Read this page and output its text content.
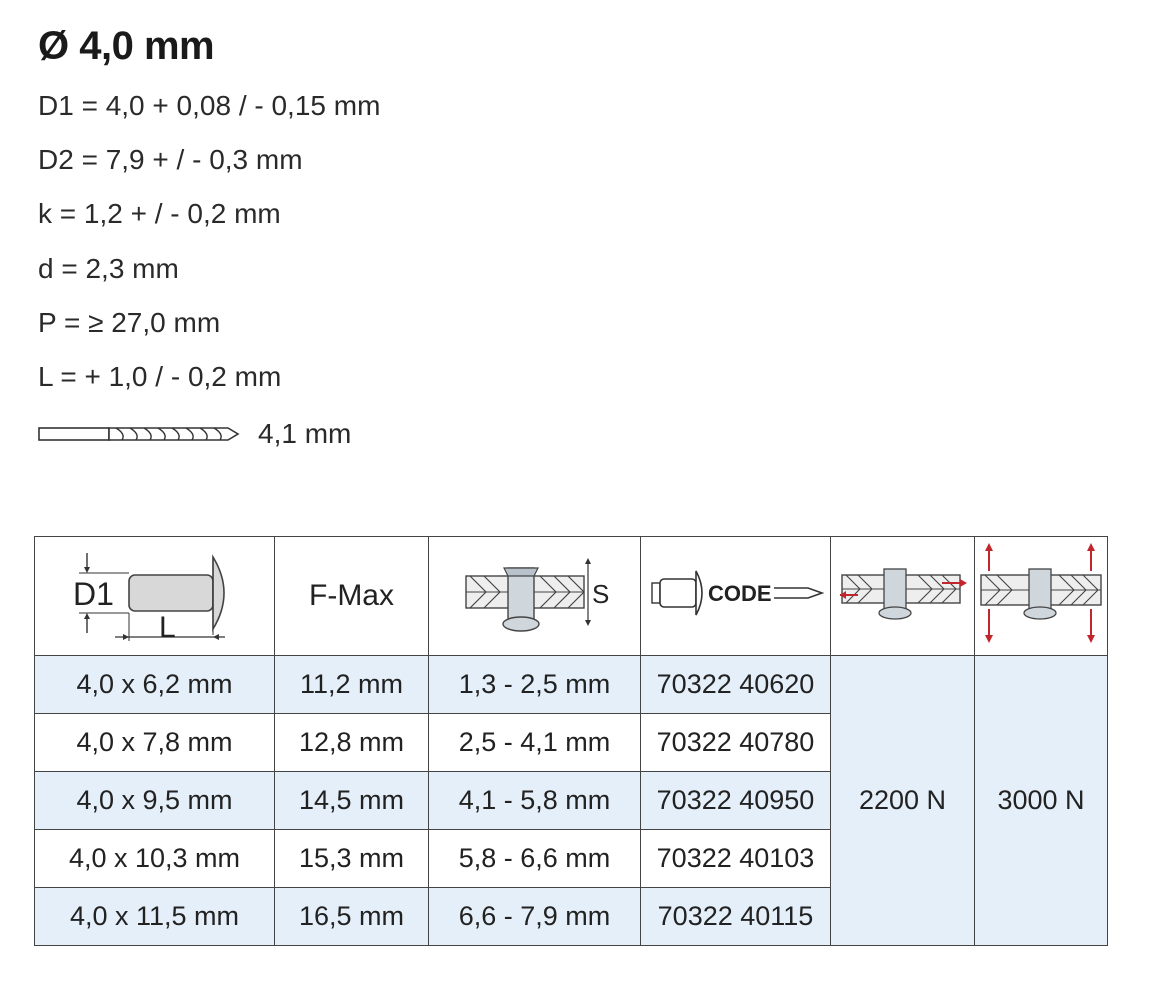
Ø 4,0 mm
D1 = 4,0 + 0,08 / - 0,15 mm
D2 = 7,9 + / - 0,3 mm
k = 1,2 + / - 0,2 mm
d = 2,3 mm
P = ≥ 27,0 mm
L = + 1,0 / - 0,2 mm
4,1 mm
D1
L	F-Max	S	CODE

4,0 x 6,2 mm	11,2 mm	1,3 - 2,5 mm	70322 40620	2200 N	3000 N
4,0 x 7,8 mm	12,8 mm	2,5 - 4,1 mm	70322 40780		
4,0 x 9,5 mm	14,5 mm	4,1 - 5,8 mm	70322 40950		
4,0 x 10,3 mm	15,3 mm	5,8 - 6,6 mm	70322 40103		
4,0 x 11,5 mm	16,5 mm	6,6 - 7,9 mm	70322 40115		
